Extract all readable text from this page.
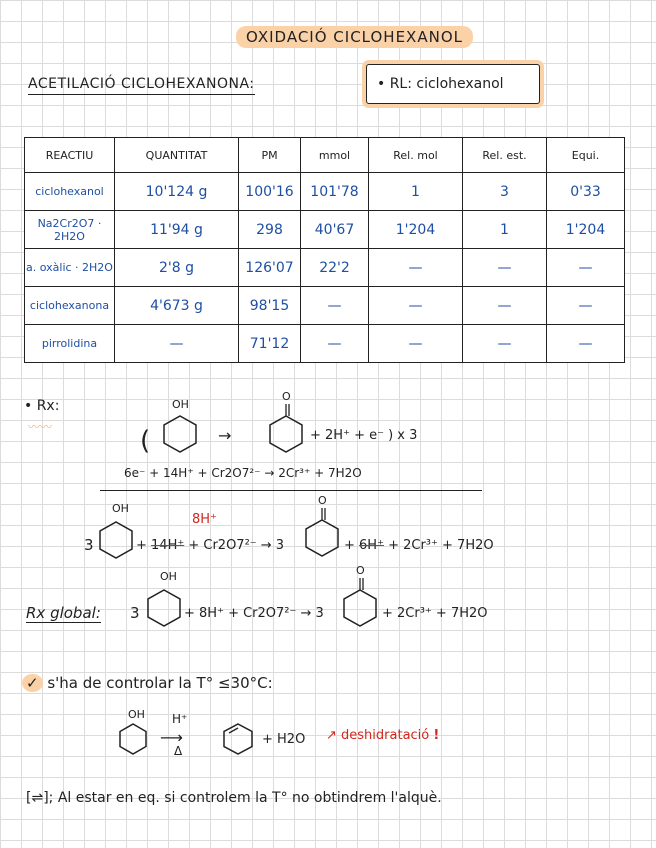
OXIDACIÓ CICLOHEXANOL
ACETILACIÓ CICLOHEXANONA:	• RL: ciclohexanol
REACTIU	QUANTITAT	PM	mmol	Rel. mol	Rel. est.	Equi.
ciclohexanol	10'124 g	100'16	101'78	1	3	0'33
Na2Cr2O7 · 2H2O	11'94 g	298	40'67	1'204	1	1'204
a. oxàlic · 2H2O	2'8 g	126'07	22'2	—	—	—
ciclohexanona	4'673 g	98'15	—	—	—	—
pirrolidina	—	71'12	—	—	—	—
• Rx:
〰〰	(
OH
→
O
+ 2H⁺ + e⁻ ) x 3
6e⁻ + 14H⁺ + Cr2O7²⁻ → 2Cr³⁺ + 7H2O
3
OH
8H⁺
+ 14H⁺ + Cr2O7²⁻ → 3
O
+ 6H⁺ + 2Cr³⁺ + 7H2O
Rx global: 3
OH
+ 8H⁺ + Cr2O7²⁻ → 3
O
+ 2Cr³⁺ + 7H2O
✓ s'ha de controlar la T° ≤30°C:
OH H⁺
⟶
Δ
+ H2O ↗ deshidratació !
[⇌]; Al estar en eq. si controlem la T° no obtindrem l'alquè.
